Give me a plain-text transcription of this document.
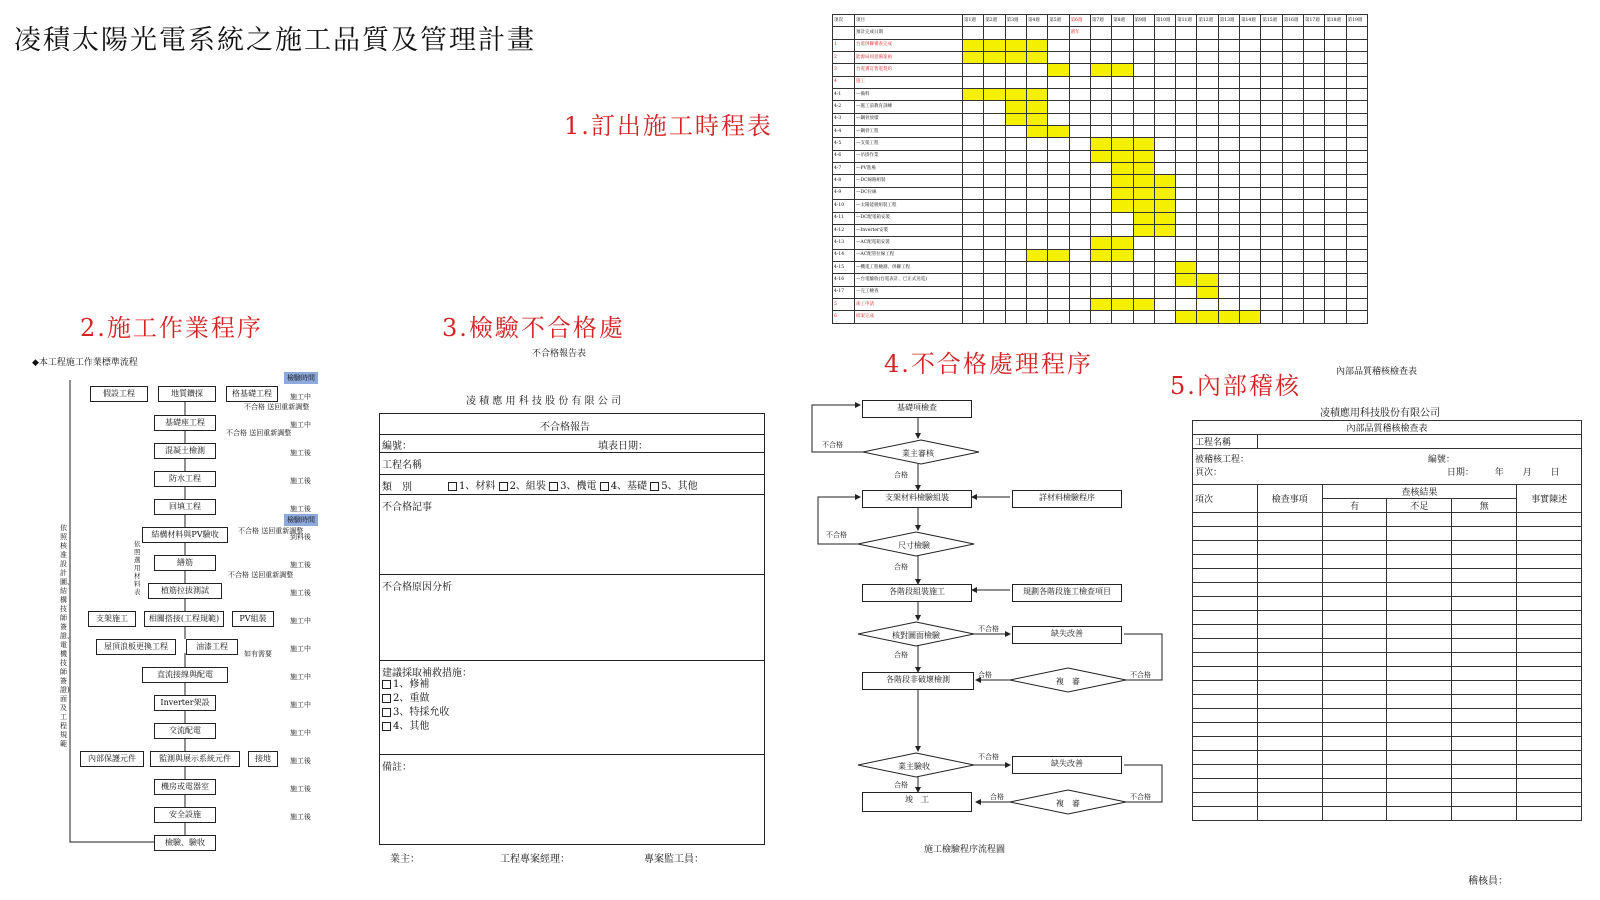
凌積太陽光電系統之施工品質及管理計畫
1.訂出施工時程表
2.施工作業程序	3.檢驗不合格處
4.不合格處理程序
5.內部稽核
項次	項目	第1週	第2週	第3週	第4週	第5週	第6週	第7週	第8週	第9週	第10週	第11週	第12週	第13週	第14週	第15週	第16週	第17週	第18週	第19週
	預計完成日期						週年													
1	台電併聯審查完成																			
2	能源局同意備案函																			
3	台電審訂售電契約																			
4	施工																			
4-1	—備料																			
4-2	—施工前教育訓練																			
4-3	—鋼骨放樣																			
4-4	—鋼骨工程																			
4-5	—支架工程																			
4-6	—吊掛作業																			
4-7	—PV進場																			
4-8	—DC線路組裝																			
4-9	—DC拉線																			
4-10	—太陽能板組裝工程																			
4-11	—DC配電箱安裝																			
4-12	—Inverter安裝																			
4-13	—AC配電箱安裝																			
4-14	—AC配管拉線工程																			
4-15	—機電工程檢測、併聯工程																			
4-16	—台電驗收(台電表計、已正式送電)																			
4-17	—完工檢查																			
5	竣工申請																			
6	結案完成																			
◆本工程施工作業標準流程
檢驗時間
檢驗時間
假設工程	地質鑽探	格基礎工程
基礎座工程
混凝土檢測
防水工程
回填工程
結構材料與PV驗收
繕筋
植筋拉拔測試
支架施工	相關搭接(工程規範)	PV組裝
屋頂浪板更換工程	油漆工程
直流接線與配電
Inverter架設
交流配電
內部保護元件	監測與展示系統元件	接地
機房或電器室
安全設施
檢驗、驗收
不合格 送回重新調整
不合格 送回重新調整
不合格 送回重新調整
不合格 送回重新調整
如有需要
依照核准設計圖、結構技師簽證、電機技師簽證)面及工程規範
依照選用材料表
施工中
施工中
施工後
施工後
施工後
到料後
施工後
施工後
施工中
施工中
施工中
施工中
施工中
施工後
施工後
施工後
不合格報告表
凌 積 應 用 科 技 股 份 有 限 公 司
不合格報告
編號：	填表日期：
工程名稱
類　別	1、材料 2、組裝 3、機電 4、基礎 5、其他
不合格記事
不合格原因分析
建議採取補救措施：
1、修補
2、重做
3、特採允收
4、其他
備註：
業主：	工程專案經理：	專案監工員：
基礎項檢查
業主審核
支架材料檢驗組裝	詳材料檢驗程序
尺寸檢驗
各階段組裝施工	規劃各階段施工檢查項目
核對圖面檢驗	缺失改善
各階段非破壞檢測	複　審
業主驗收	缺失改善
竣　工	複　審
不合格
合格
不合格
合格
不合格
合格
合格	不合格
不合格
合格
合格	不合格
施工檢驗程序流程圖
內部品質稽核檢查表
凌積應用科技股份有限公司
內部品質稽核檢查表					
工程名稱					
被稽核工程： 編號：
頁次： 日期： 年 月 日					
項次	檢查事項	查核結果			事實陳述
		有	不足	無	

稽核員：
